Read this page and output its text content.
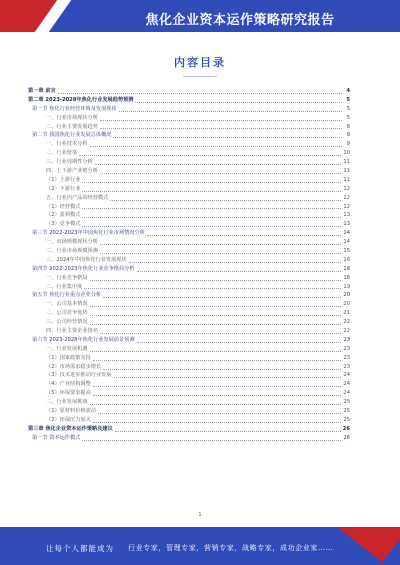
焦化企业资本运作策略研究报告
内容目录
第一章 前言	4
第二章 2023-2028年焦化行业发展趋势预测	5
第一节 焦化行业经营环境及发展现状	5
一、行业市场现状分析	5
二、行业主要发展趋势	8
第二节 我国焦化行业发展总体概况	9
一、行业技术分析	9
二、行业壁垒	10
三、行业周期性分析	11
四、上下游产业链分析	11
（1）上游行业	11
（2）下游行业	12
五、行业内产品的经营模式	12
（1）经营模式	12
（2）盈利模式	13
（3）竞争模式	13
第三节 2022-2023年中国焦化行业市场情况分析	14
一、市场规模现状分析	14
二、行业市场规模预测	15
三、2024年中国焦化行业发展现状	16
第四节 2022-2023年焦化行业竞争格局分析	18
一、行业竞争格局	18
二、行业集中度	19
第五节 焦化行业重点企业分析	20
一、公司基本情况	20
二、公司竞争优势	21
三、公司经营情况	22
四、行业主要企业排名	22
第六节 2023-2028年焦化行业发展前景预测	23
一、行业发展机遇	23
（1）国家政策支持	23
（2）市场需求稳步增长	23
（3）技术进步推动行业发展	24
（4）产业结构调整	24
（5）环保要求提高	24
二、行业发展挑战	25
（1）原材料价格波动	25
（2）环保压力加大	25
第三章 焦化企业资本运作策略及建议	26
第一节 资本运作模式	26
1
让每个人都能成为 行业专家，管理专家，营销专家，战略专家，成功企业家……
